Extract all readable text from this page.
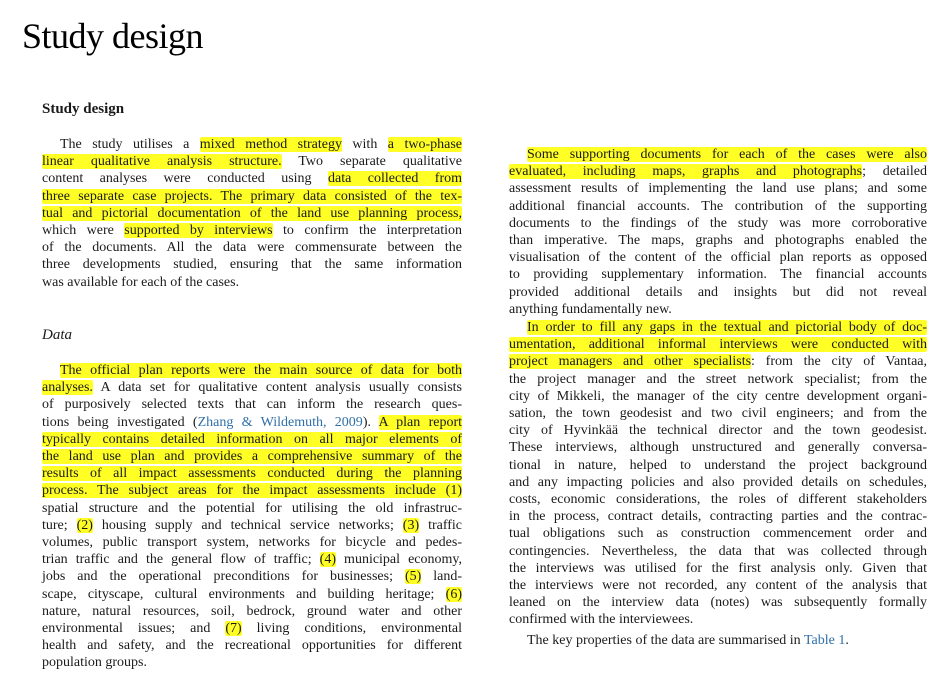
Study design
Study design

The study utilises a mixed method strategy with a two-phase
linear qualitative analysis structure. Two separate qualitative
content analyses were conducted using data collected from
three separate case projects. The primary data consisted of the tex-
tual and pictorial documentation of the land use planning process,
which were supported by interviews to confirm the interpretation
of the documents. All the data were commensurate between the
three developments studied, ensuring that the same information
was available for each of the cases.

Data

The official plan reports were the main source of data for both
analyses. A data set for qualitative content analysis usually consists
of purposively selected texts that can inform the research ques-
tions being investigated (Zhang & Wildemuth, 2009). A plan report
typically contains detailed information on all major elements of
the land use plan and provides a comprehensive summary of the
results of all impact assessments conducted during the planning
process. The subject areas for the impact assessments include (1)
spatial structure and the potential for utilising the old infrastruc-
ture; (2) housing supply and technical service networks; (3) traffic
volumes, public transport system, networks for bicycle and pedes-
trian traffic and the general flow of traffic; (4) municipal economy,
jobs and the operational preconditions for businesses; (5) land-
scape, cityscape, cultural environments and building heritage; (6)
nature, natural resources, soil, bedrock, ground water and other
environmental issues; and (7) living conditions, environmental
health and safety, and the recreational opportunities for different
population groups.

Some supporting documents for each of the cases were also
evaluated, including maps, graphs and photographs; detailed
assessment results of implementing the land use plans; and some
additional financial accounts. The contribution of the supporting
documents to the findings of the study was more corroborative
than imperative. The maps, graphs and photographs enabled the
visualisation of the content of the official plan reports as opposed
to providing supplementary information. The financial accounts
provided additional details and insights but did not reveal
anything fundamentally new.

In order to fill any gaps in the textual and pictorial body of doc-
umentation, additional informal interviews were conducted with
project managers and other specialists: from the city of Vantaa,
the project manager and the street network specialist; from the
city of Mikkeli, the manager of the city centre development organi-
sation, the town geodesist and two civil engineers; and from the
city of Hyvinkää the technical director and the town geodesist.
These interviews, although unstructured and generally conversa-
tional in nature, helped to understand the project background
and any impacting policies and also provided details on schedules,
costs, economic considerations, the roles of different stakeholders
in the process, contract details, contracting parties and the contrac-
tual obligations such as construction commencement order and
contingencies. Nevertheless, the data that was collected through
the interviews was utilised for the first analysis only. Given that
the interviews were not recorded, any content of the analysis that
leaned on the interview data (notes) was subsequently formally
confirmed with the interviewees.

The key properties of the data are summarised in Table 1.
